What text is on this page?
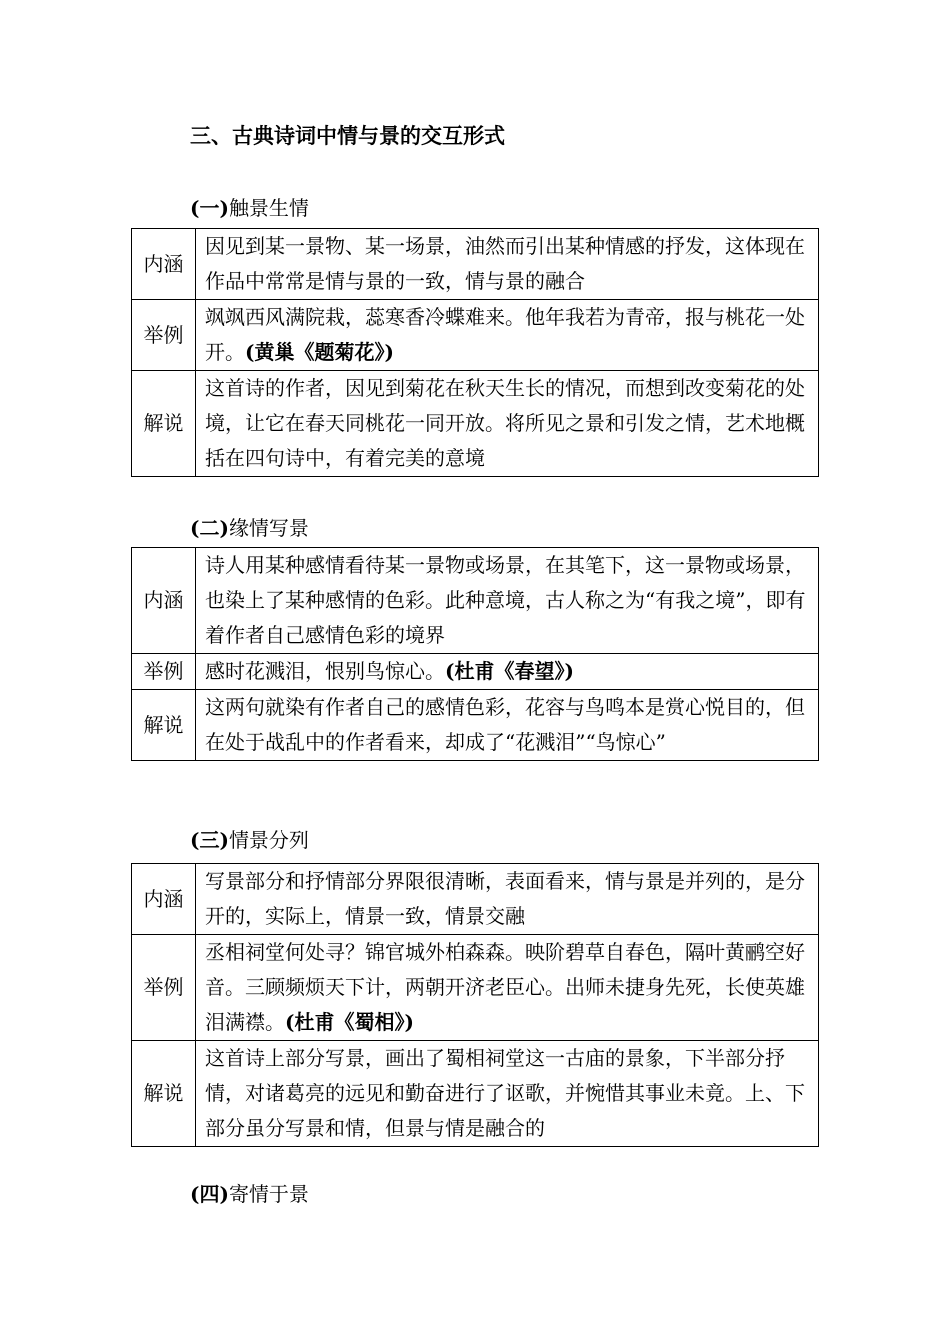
三、古典诗词中情与景的交互形式
(一)触景生情
内涵	因见到某一景物、某一场景，油然而引出某种情感的抒发，这体现在作品中常常是情与景的一致，情与景的融合
举例	飒飒西风满院栽，蕊寒香冷蝶难来。他年我若为青帝，报与桃花一处开。(黄巢《题菊花》)
解说	这首诗的作者，因见到菊花在秋天生长的情况，而想到改变菊花的处境，让它在春天同桃花一同开放。将所见之景和引发之情，艺术地概括在四句诗中，有着完美的意境
(二)缘情写景
内涵	诗人用某种感情看待某一景物或场景，在其笔下，这一景物或场景，也染上了某种感情的色彩。此种意境，古人称之为“有我之境”，即有着作者自己感情色彩的境界
举例	感时花溅泪，恨别鸟惊心。(杜甫《春望》)
解说	这两句就染有作者自己的感情色彩，花容与鸟鸣本是赏心悦目的，但在处于战乱中的作者看来，却成了“花溅泪”“鸟惊心”
(三)情景分列
内涵	写景部分和抒情部分界限很清晰，表面看来，情与景是并列的，是分开的，实际上，情景一致，情景交融
举例	丞相祠堂何处寻？锦官城外柏森森。映阶碧草自春色，隔叶黄鹂空好音。三顾频烦天下计，两朝开济老臣心。出师未捷身先死，长使英雄泪满襟。(杜甫《蜀相》)
解说	这首诗上部分写景，画出了蜀相祠堂这一古庙的景象，下半部分抒情，对诸葛亮的远见和勤奋进行了讴歌，并惋惜其事业未竟。上、下部分虽分写景和情，但景与情是融合的
(四)寄情于景
